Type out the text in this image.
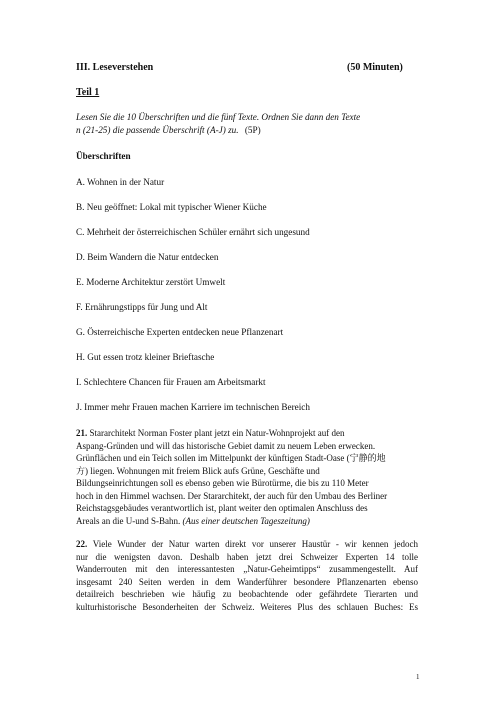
III. Leseverstehen	(50 Minuten)
Teil 1
Lesen Sie die 10 Überschriften und die fünf Texte. Ordnen Sie dann den Texte
n (21-25) die passende Überschrift (A-J) zu. (5P)
Überschriften
A. Wohnen in der Natur
B. Neu geöffnet: Lokal mit typischer Wiener Küche
C. Mehrheit der österreichischen Schüler ernährt sich ungesund
D. Beim Wandern die Natur entdecken
E. Moderne Architektur zerstört Umwelt
F. Ernährungstipps für Jung und Alt
G. Österreichische Experten entdecken neue Pflanzenart
H. Gut essen trotz kleiner Brieftasche
I. Schlechtere Chancen für Frauen am Arbeitsmarkt
J. Immer mehr Frauen machen Karriere im technischen Bereich
21. Stararchitekt Norman Foster plant jetzt ein Natur-Wohnprojekt auf den
Aspang-Gründen und will das historische Gebiet damit zu neuem Leben erwecken.
Grünflächen und ein Teich sollen im Mittelpunkt der künftigen Stadt-Oase (宁静的地
方) liegen. Wohnungen mit freiem Blick aufs Grüne, Geschäfte und
Bildungseinrichtungen soll es ebenso geben wie Bürotürme, die bis zu 110 Meter
hoch in den Himmel wachsen. Der Stararchitekt, der auch für den Umbau des Berliner
Reichstagsgebäudes verantwortlich ist, plant weiter den optimalen Anschluss des
Areals an die U-und S-Bahn. (Aus einer deutschen Tageszeitung)
22. Viele Wunder der Natur warten direkt vor unserer Haustür - wir kennen jedoch
nur die wenigsten davon. Deshalb haben jetzt drei Schweizer Experten 14 tolle
Wanderrouten mit den interessantesten „Natur-Geheimtipps“ zusammengestellt. Auf
insgesamt 240 Seiten werden in dem Wanderführer besondere Pflanzenarten ebenso
detailreich beschrieben wie häufig zu beobachtende oder gefährdete Tierarten und
kulturhistorische Besonderheiten der Schweiz. Weiteres Plus des schlauen Buches: Es
1
